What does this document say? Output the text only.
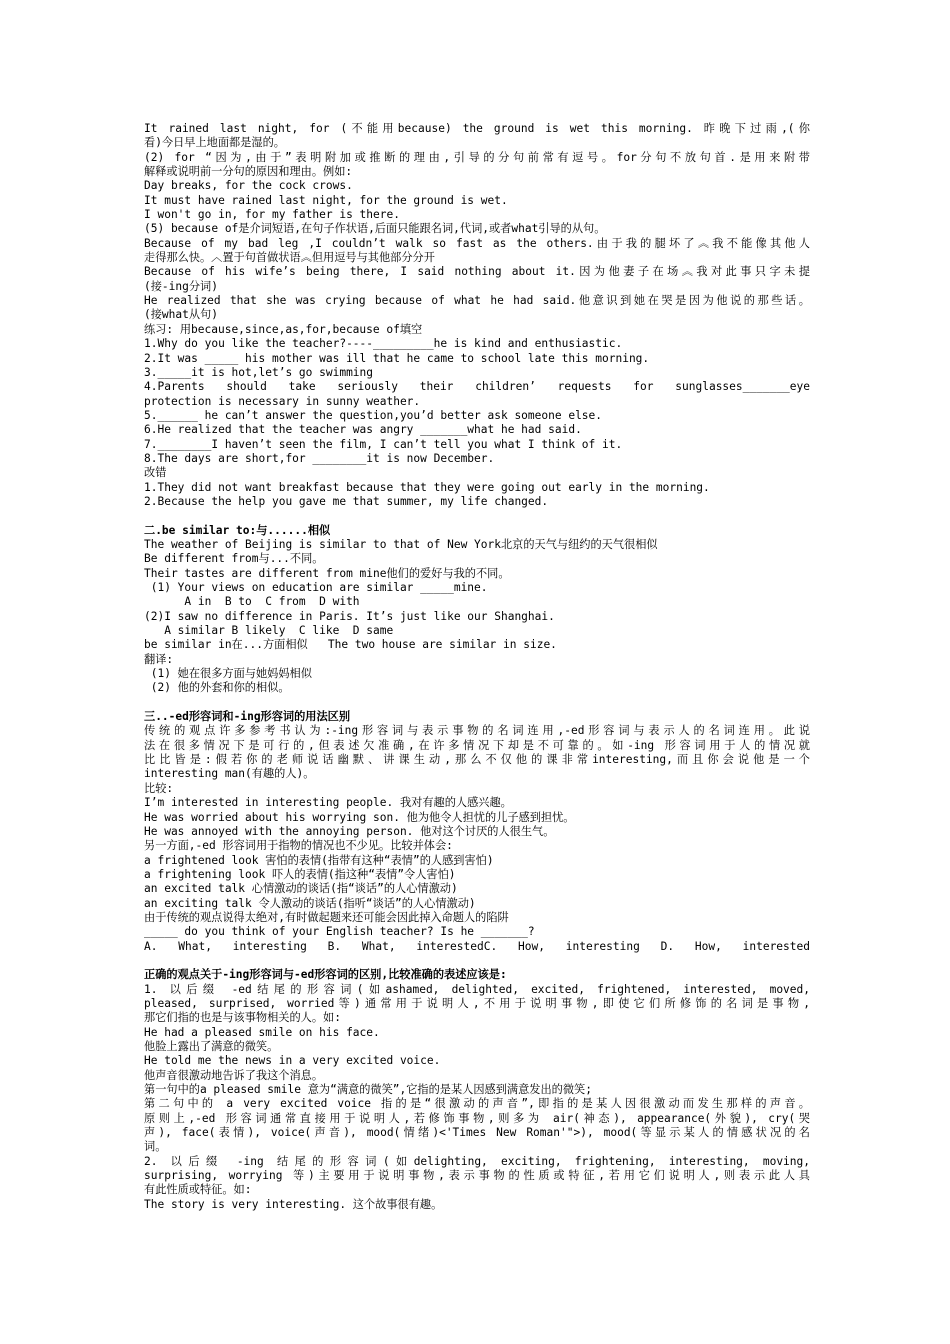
It rained last night, for (不能用because) the ground is wet this morning. 昨晚下过雨,(你
看)今日早上地面都是湿的。
(2) for “因为,由于”表明附加或推断的理由,引导的分句前常有逗号。for分句不放句首.是用来附带
解释或说明前一分句的原因和理由。例如:
Day breaks, for the cock crows.
It must have rained last night, for the ground is wet.
I won't go in, for my father is there.
(5) because of是介词短语,在句子作状语,后面只能跟名词,代词,或者what引导的从句。
Because of my bad leg ,I couldn’t walk so fast as the others.由于我的腿坏了︽我不能像其他人
走得那么快。︿置于句首做状语︽但用逗号与其他部分分开
Because of his wife’s being there, I said nothing about it.因为他妻子在场︽我对此事只字未提
(接-ing分词)
He realized that she was crying because of what he had said.他意识到她在哭是因为他说的那些话。
(接what从句)
练习: 用because,since,as,for,because of填空
1.Why do you like the teacher?----_________he is kind and enthusiastic.
2.It was _____ his mother was ill that he came to school late this morning.
3._____it is hot,let’s go swimming
4.Parents should take seriously their children’ requests for sunglasses_______eye
protection is necessary in sunny weather.
5.______ he can’t answer the question,you’d better ask someone else.
6.He realized that the teacher was angry _______what he had said.
7.________I haven’t seen the film, I can’t tell you what I think of it.
8.The days are short,for ________it is now December.
改错
1.They did not want breakfast because that they were going out early in the morning.
2.Because the help you gave me that summer, my life changed.
二.be similar to:与......相似
The weather of Beijing is similar to that of New York北京的天气与纽约的天气很相似
Be different from与...不同。
Their tastes are different from mine他们的爱好与我的不同。
(1) Your views on education are similar _____mine.
A in  B to  C from  D with
(2)I saw no difference in Paris. It’s just like our Shanghai.
A similar B likely  C like  D same
be similar in在...方面相似   The two house are similar in size.
翻译:
(1) 她在很多方面与她妈妈相似
(2) 他的外套和你的相似。
三..-ed形容词和-ing形容词的用法区别
传统的观点许多参考书认为:-ing形容词与表示事物的名词连用,-ed形容词与表示人的名词连用。此说
法在很多情况下是可行的,但表述欠准确,在许多情况下却是不可靠的。如-ing 形容词用于人的情况就
比比皆是:假若你的老师说话幽默、讲课生动,那么不仅他的课非常interesting,而且你会说他是一个
interesting man(有趣的人)。
比较:
I’m interested in interesting people. 我对有趣的人感兴趣。
He was worried about his worrying son. 他为他令人担忧的儿子感到担忧。
He was annoyed with the annoying person. 他对这个讨厌的人很生气。
另一方面,-ed 形容词用于指物的情况也不少见。比较并体会:
a frightened look 害怕的表情(指带有这种“表情”的人感到害怕)
a frightening look 吓人的表情(指这种“表情”令人害怕)
an excited talk 心情激动的谈话(指“谈话”的人心情激动)
an exciting talk 令人激动的谈话(指听“谈话”的人心情激动)
由于传统的观点说得太绝对,有时做起题来还可能会因此掉入命题人的陷阱
_____ do you think of your English teacher? Is he _______?
A. What, interesting B. What, interestedC. How, interesting D. How, interested
正确的观点关于-ing形容词与-ed形容词的区别,比较准确的表述应该是:
1. 以后缀 -ed结尾的形容词(如ashamed, delighted, excited, frightened, interested, moved,
pleased, surprised, worried等)通常用于说明人,不用于说明事物,即使它们所修饰的名词是事物,
那它们指的也是与该事物相关的人。如:
He had a pleased smile on his face.
他脸上露出了满意的微笑。
He told me the news in a very excited voice.
他声音很激动地告诉了我这个消息。
第一句中的a pleased smile 意为“满意的微笑”,它指的是某人因感到满意发出的微笑;
第二句中的 a very excited voice 指的是“很激动的声音”,即指的是某人因很激动而发生那样的声音。
原则上,-ed 形容词通常直接用于说明人,若修饰事物,则多为 air(神态), appearance(外貌), cry(哭
声), face(表情), voice(声音), mood(情绪)<'Times New Roman'">), mood(等显示某人的情感状况的名
词。
2. 以后缀 -ing 结尾的形容词(如delighting, exciting, frightening, interesting, moving,
surprising, worrying 等)主要用于说明事物,表示事物的性质或特征,若用它们说明人,则表示此人具
有此性质或特征。如:
The story is very interesting. 这个故事很有趣。
